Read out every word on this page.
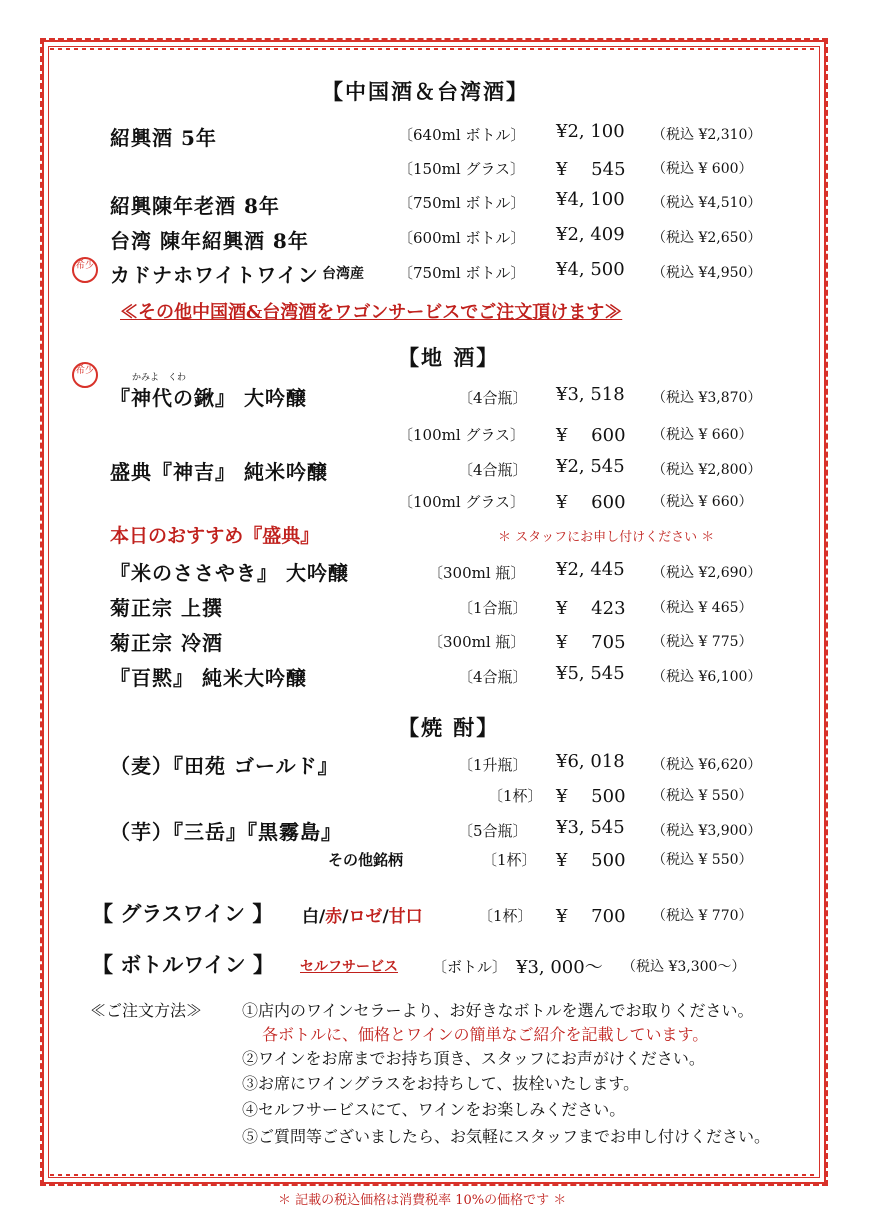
【中国酒＆台湾酒】
紹興酒 5年	〔640ml ボトル〕 ¥2, 100 （税込 ¥2,310）
〔150ml グラス〕 ¥　 545 （税込 ¥ 600）
紹興陳年老酒 8年	〔750ml ボトル〕 ¥4, 100 （税込 ¥4,510）
台湾 陳年紹興酒 8年	〔600ml ボトル〕 ¥2, 409 （税込 ¥2,650）
希少 カドナホワイトワイン 台湾産 〔750ml ボトル〕 ¥4, 500 （税込 ¥4,950）
≪その他中国酒&台湾酒をワゴンサービスでご注文頂けます≫
【地 酒】
希少
かみよ　くわ
『神代の鍬』 大吟醸	〔4合瓶〕 ¥3, 518 （税込 ¥3,870）
〔100ml グラス〕 ¥　 600 （税込 ¥ 660）
盛典『神吉』 純米吟醸	〔4合瓶〕 ¥2, 545 （税込 ¥2,800）
〔100ml グラス〕 ¥　 600 （税込 ¥ 660）
本日のおすすめ『盛典』	＊ スタッフにお申し付けください ＊
『米のささやき』 大吟醸	〔300ml 瓶〕 ¥2, 445 （税込 ¥2,690）
菊正宗 上撰	〔1合瓶〕 ¥　 423 （税込 ¥ 465）
菊正宗 冷酒	〔300ml 瓶〕 ¥　 705 （税込 ¥ 775）
『百黙』 純米大吟醸	〔4合瓶〕 ¥5, 545 （税込 ¥6,100）
【焼 酎】
（麦）『田苑 ゴールド』	〔1升瓶〕 ¥6, 018 （税込 ¥6,620）
〔1杯〕 ¥　 500 （税込 ¥ 550）
（芋）『三岳』『黒霧島』	〔5合瓶〕 ¥3, 545 （税込 ¥3,900）
その他銘柄	〔1杯〕 ¥　 500 （税込 ¥ 550）
【 グラスワイン 】 白/赤/ロゼ/甘口	〔1杯〕 ¥　 700 （税込 ¥ 770）
【 ボトルワイン 】 セルフサービス 〔ボトル〕 ¥3, 000〜 （税込 ¥3,300〜）
≪ご注文方法≫ ①店内のワインセラーより、お好きなボトルを選んでお取りください。
各ボトルに、価格とワインの簡単なご紹介を記載しています。
②ワインをお席までお持ち頂き、スタッフにお声がけください。
③お席にワイングラスをお持ちして、抜栓いたします。
④セルフサービスにて、ワインをお楽しみください。
⑤ご質問等ございましたら、お気軽にスタッフまでお申し付けください。
＊ 記載の税込価格は消費税率 10%の価格です ＊
